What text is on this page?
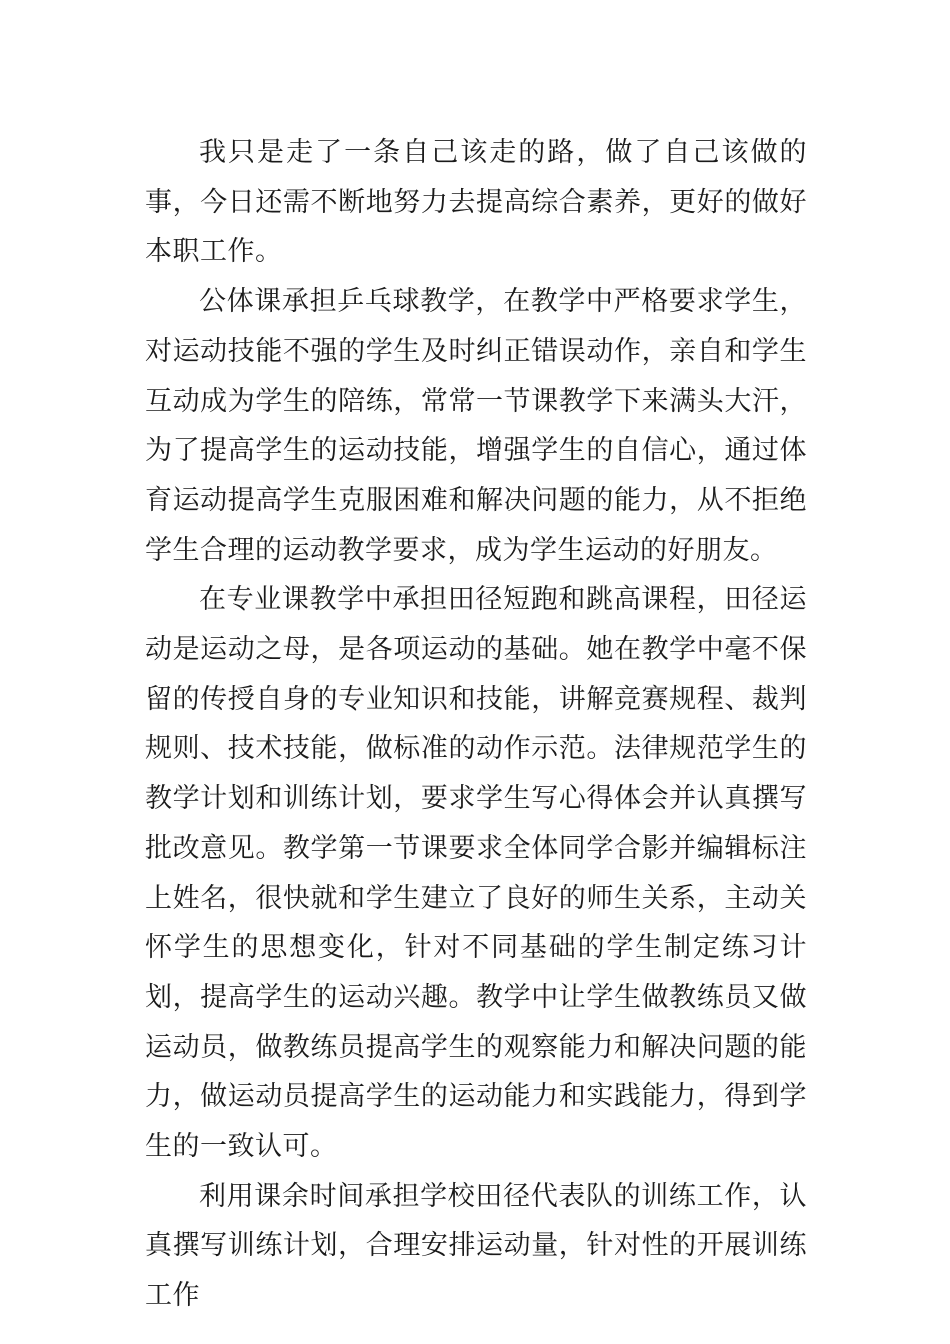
我只是走了一条自己该走的路，做了自己该做的事，今日还需不断地努力去提高综合素养，更好的做好本职工作。

公体课承担乒乓球教学，在教学中严格要求学生，对运动技能不强的学生及时纠正错误动作，亲自和学生互动成为学生的陪练，常常一节课教学下来满头大汗，为了提高学生的运动技能，增强学生的自信心，通过体育运动提高学生克服困难和解决问题的能力，从不拒绝学生合理的运动教学要求，成为学生运动的好朋友。

在专业课教学中承担田径短跑和跳高课程，田径运动是运动之母，是各项运动的基础。她在教学中毫不保留的传授自身的专业知识和技能，讲解竞赛规程、裁判规则、技术技能，做标准的动作示范。法律规范学生的教学计划和训练计划，要求学生写心得体会并认真撰写批改意见。教学第一节课要求全体同学合影并编辑标注上姓名，很快就和学生建立了良好的师生关系，主动关怀学生的思想变化，针对不同基础的学生制定练习计划，提高学生的运动兴趣。教学中让学生做教练员又做运动员，做教练员提高学生的观察能力和解决问题的能力，做运动员提高学生的运动能力和实践能力，得到学生的一致认可。

利用课余时间承担学校田径代表队的训练工作，认真撰写训练计划，合理安排运动量，针对性的开展训练工作
